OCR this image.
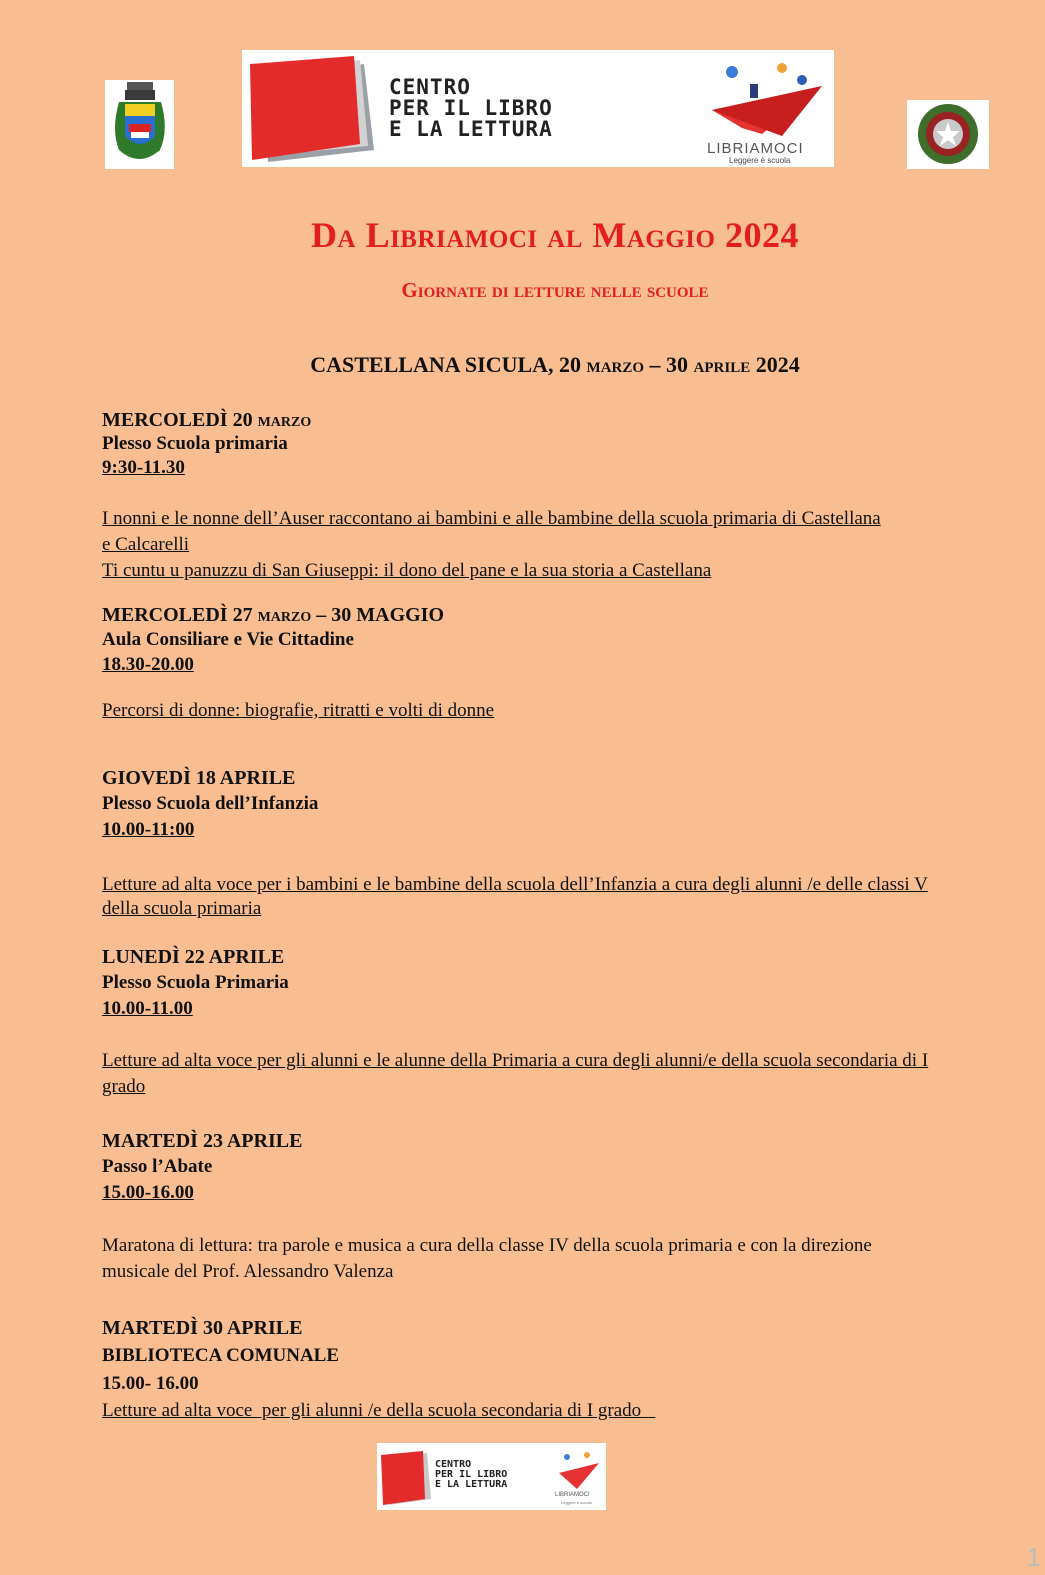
CENTRO
PER IL LIBRO
E LA LETTURA
LIBRIAMOCI
Leggere è scuola
Da Libriamoci al Maggio 2024
Giornate di letture nelle scuole
CASTELLANA SICULA, 20 marzo – 30 aprile 2024
MERCOLEDÌ 20 marzo
Plesso Scuola primaria
9:30-11.30
I nonni e le nonne dell’Auser raccontano ai bambini e alle bambine della scuola primaria di Castellana
e Calcarelli
Ti cuntu u panuzzu di San Giuseppi: il dono del pane e la sua storia a Castellana
MERCOLEDÌ 27 marzo – 30 MAGGIO
Aula Consiliare e Vie Cittadine
18.30-20.00
Percorsi di donne: biografie, ritratti e volti di donne
GIOVEDÌ 18 APRILE
Plesso Scuola dell’Infanzia
10.00-11:00
Letture ad alta voce per i bambini e le bambine della scuola dell’Infanzia a cura degli alunni /e delle classi V
della scuola primaria
LUNEDÌ 22 APRILE
Plesso Scuola Primaria
10.00-11.00
Letture ad alta voce per gli alunni e le alunne della Primaria a cura degli alunni/e della scuola secondaria di I
grado
MARTEDÌ 23 APRILE
Passo l’Abate
15.00-16.00
Maratona di lettura: tra parole e musica a cura della classe IV della scuola primaria e con la direzione
musicale del Prof. Alessandro Valenza
MARTEDÌ 30 APRILE
BIBLIOTECA COMUNALE
15.00- 16.00
Letture ad alta voce  per gli alunni /e della scuola secondaria di I grado
CENTRO
PER IL LIBRO
E LA LETTURA
LIBRIAMOCI
Leggere è scuola
1
